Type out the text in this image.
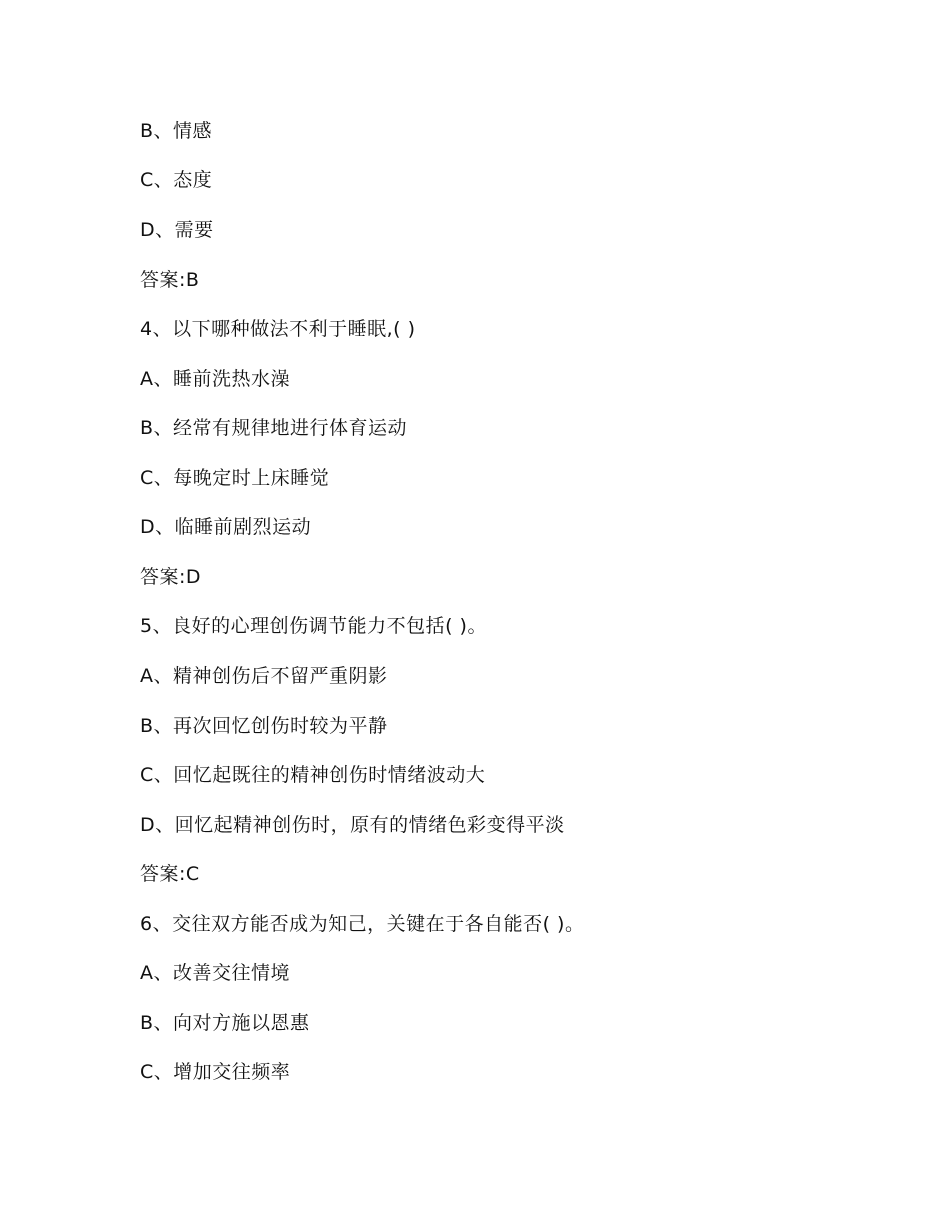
B、情感
C、态度
D、需要
答案:B
4、以下哪种做法不利于睡眠,( )
A、睡前洗热水澡
B、经常有规律地进行体育运动
C、每晚定时上床睡觉
D、临睡前剧烈运动
答案:D
5、良好的心理创伤调节能力不包括( )。
A、精神创伤后不留严重阴影
B、再次回忆创伤时较为平静
C、回忆起既往的精神创伤时情绪波动大
D、回忆起精神创伤时，原有的情绪色彩变得平淡
答案:C
6、交往双方能否成为知己，关键在于各自能否( )。
A、改善交往情境
B、向对方施以恩惠
C、增加交往频率
